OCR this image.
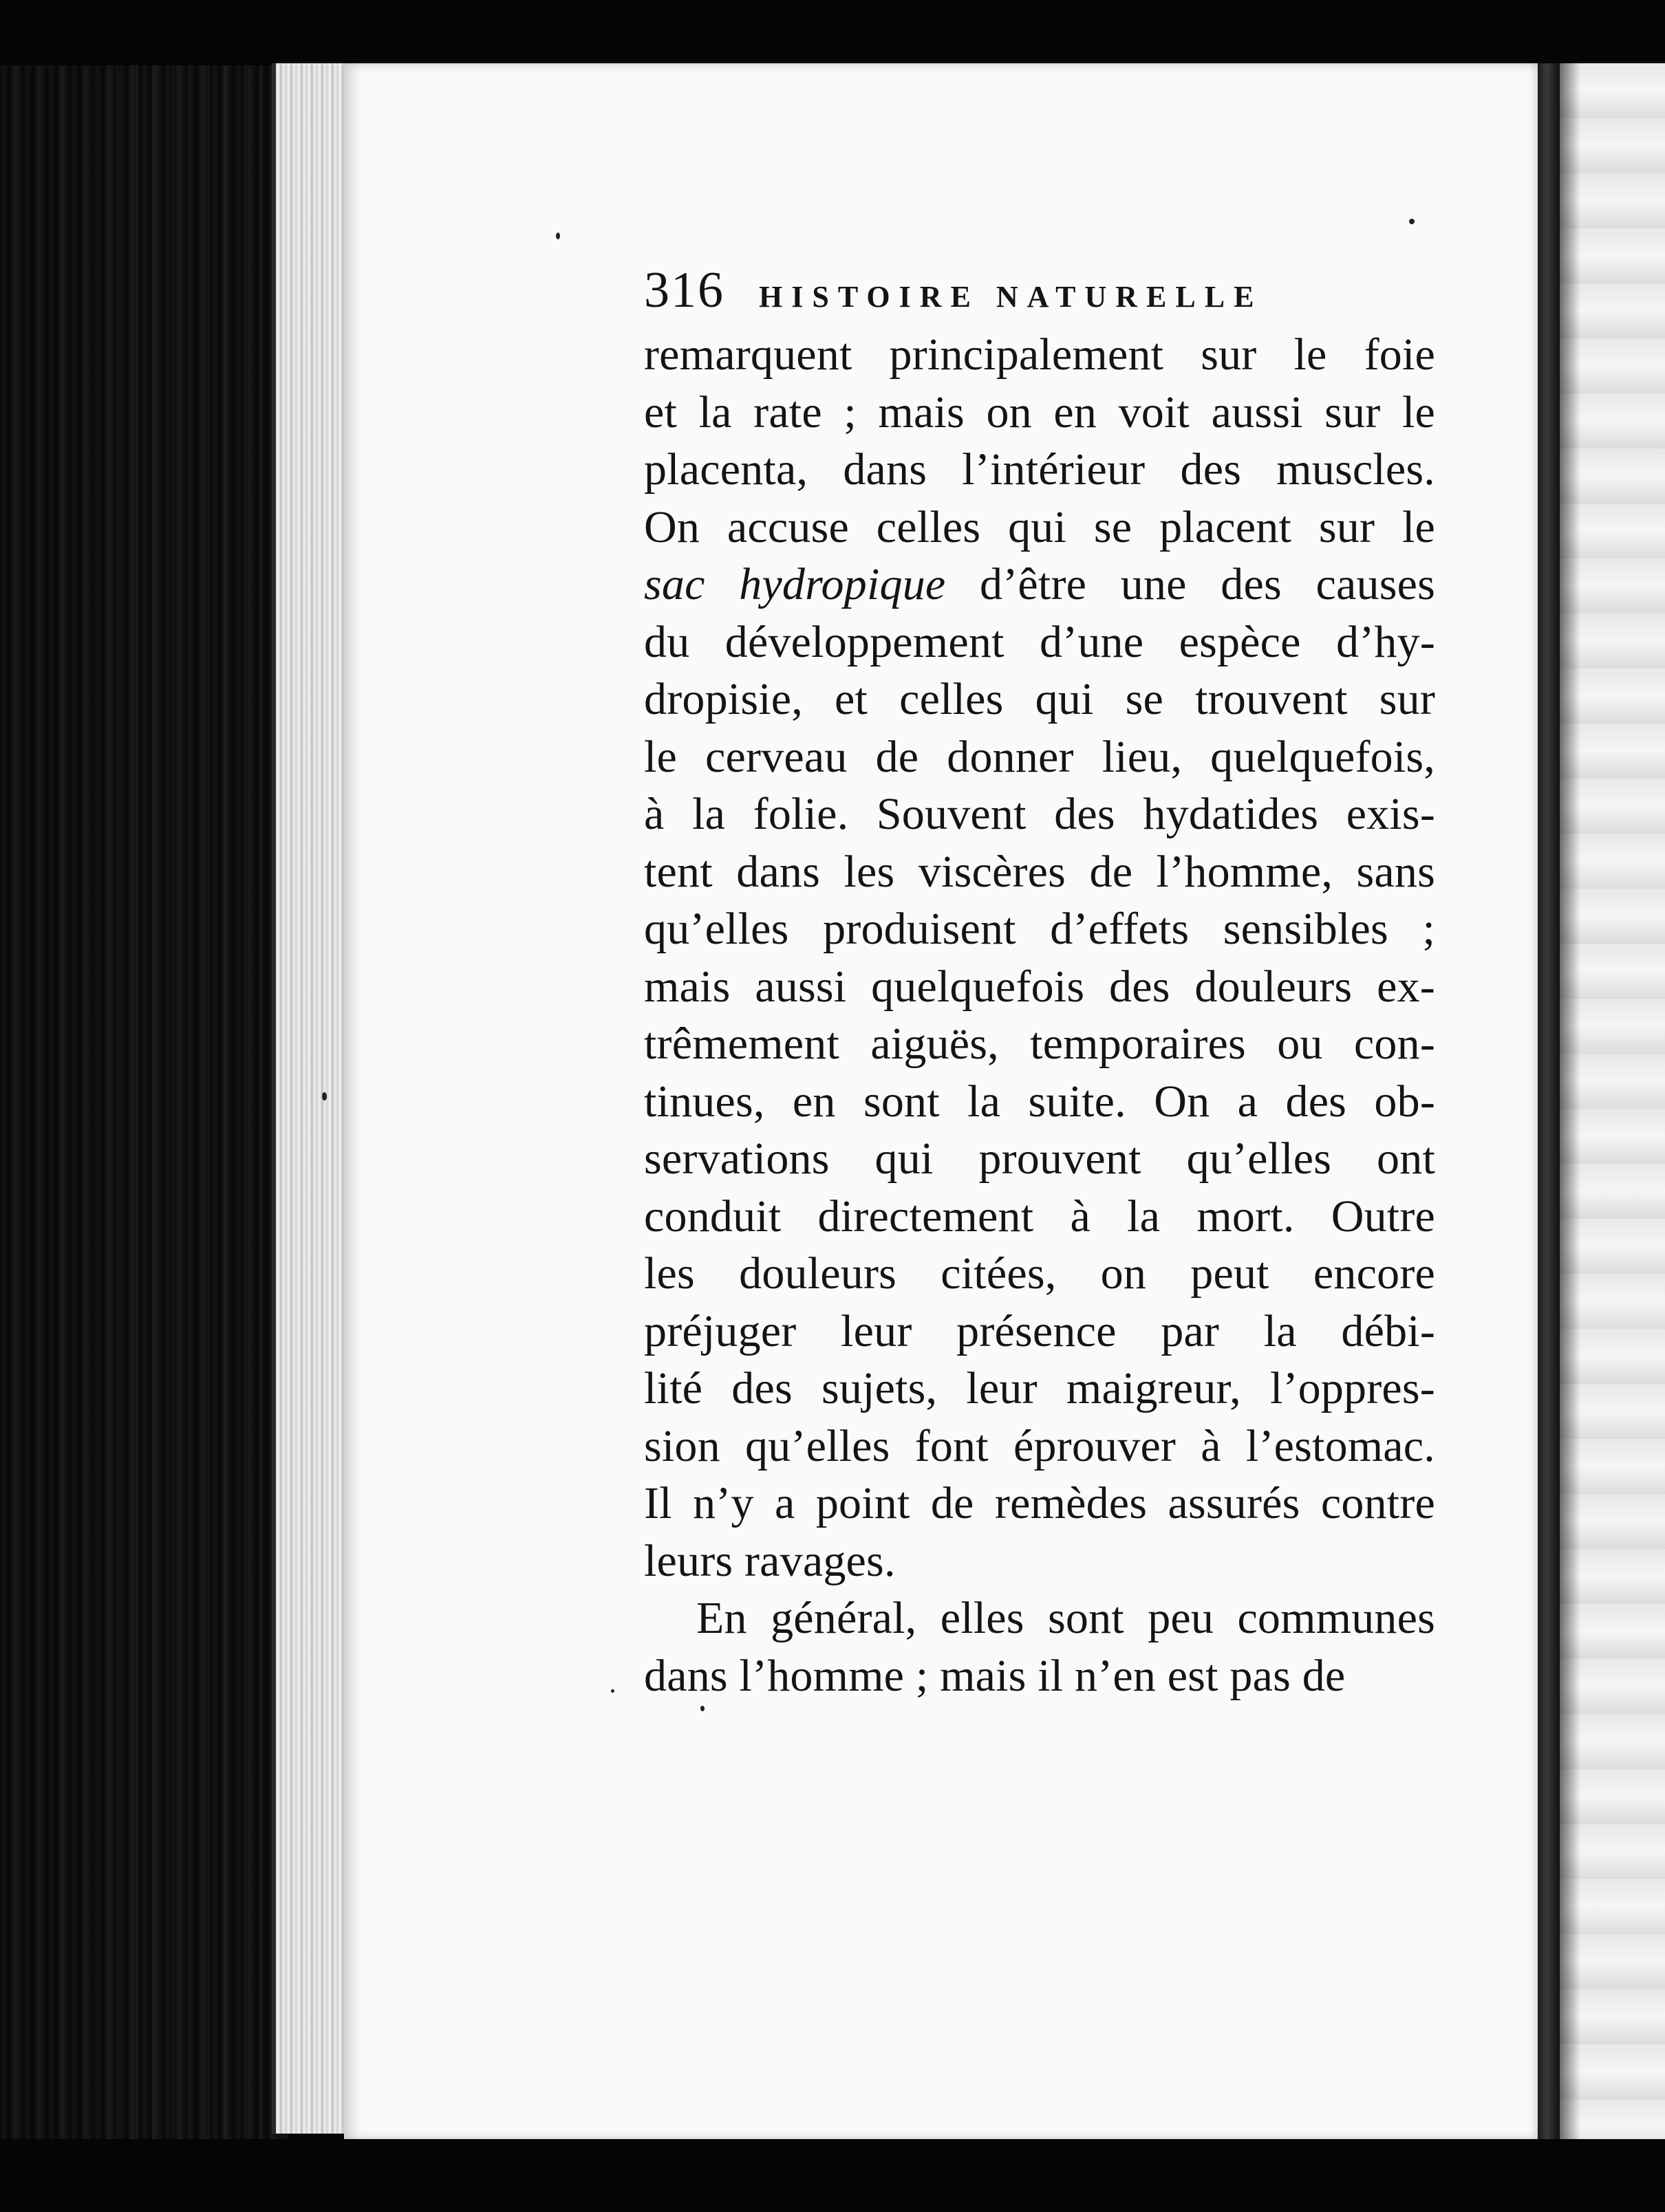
316 HISTOIRE NATURELLE
remarquent principalement sur le foie
et la rate ; mais on en voit aussi sur le
placenta, dans l’intérieur des muscles.
On accuse celles qui se placent sur le
sac hydropique d’être une des causes
du développement d’une espèce d’hy-
dropisie, et celles qui se trouvent sur
le cerveau de donner lieu, quelquefois,
à la folie. Souvent des hydatides exis-
tent dans les viscères de l’homme, sans
qu’elles produisent d’effets sensibles ;
mais aussi quelquefois des douleurs ex-
trêmement aiguës, temporaires ou con-
tinues, en sont la suite. On a des ob-
servations qui prouvent qu’elles ont
conduit directement à la mort. Outre
les douleurs citées, on peut encore
préjuger leur présence par la débi-
lité des sujets, leur maigreur, l’oppres-
sion qu’elles font éprouver à l’estomac.
Il n’y a point de remèdes assurés contre
leurs ravages.
En général, elles sont peu communes
dans l’homme ; mais il n’en est pas de
